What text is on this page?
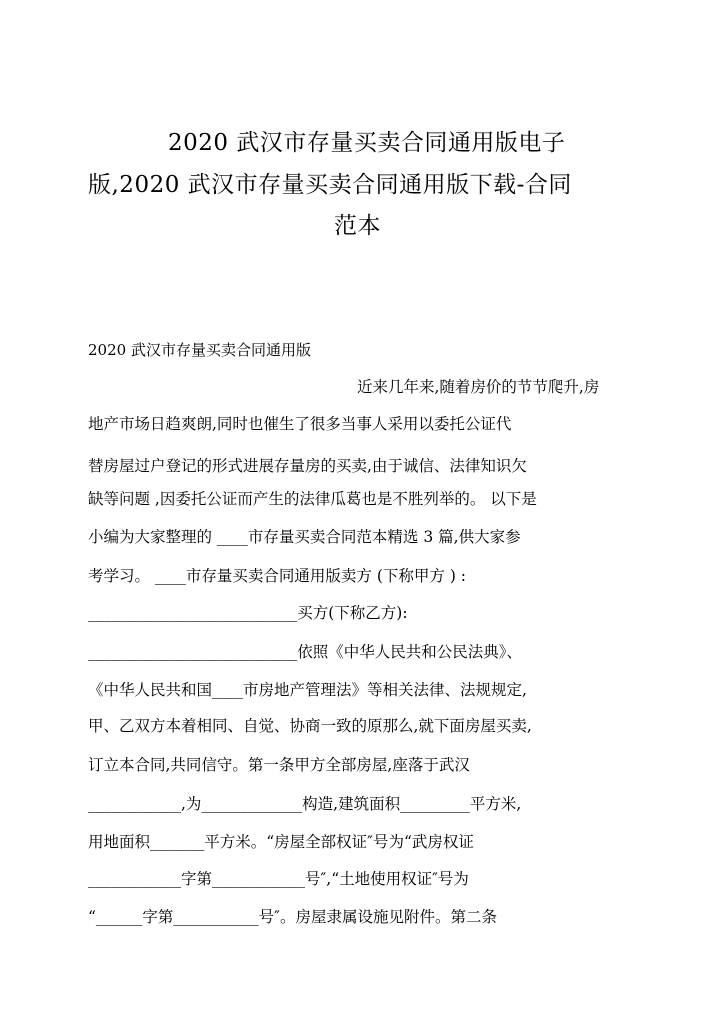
2020 武汉市存量买卖合同通用版电子
版,2020 武汉市存量买卖合同通用版下载-合同
范本
2020 武汉市存量买卖合同通用版
近来几年来,随着房价的节节爬升,房
地产市场日趋爽朗,同时也催生了很多当事人采用以委托公证代
替房屋过户登记的形式进展存量房的买卖,由于诚信、法律知识欠
缺等问题 ,因委托公证而产生的法律瓜葛也是不胜列举的。 以下是
小编为大家整理的 ____市存量买卖合同范本精选 3 篇,供大家参
考学习。 ____市存量买卖合同通用版卖方 (下称甲方 ) :
___________________________买方(下称乙方):
___________________________依照《中华人民共和公民法典》、
《中华人民共和国____市房地产管理法》等相关法律、法规规定,
甲、乙双方本着相同、自觉、协商一致的原那么,就下面房屋买卖,
订立本合同,共同信守。第一条甲方全部房屋,座落于武汉
____________,为_____________构造,建筑面积_________平方米,
用地面积_______平方米。“房屋全部权证″号为“武房权证
____________字第____________号″,“土地使用权证″号为
“______字第___________号″。房屋隶属设施见附件。第二条
